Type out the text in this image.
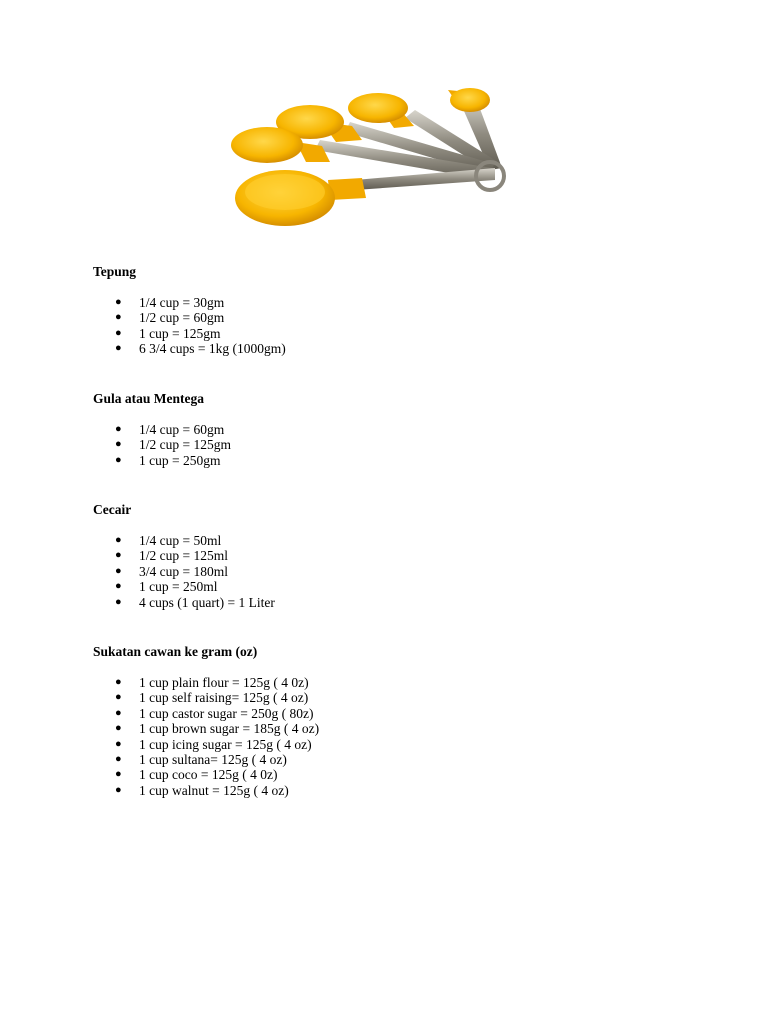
Tepung
● 1/4 cup = 30gm
● 1/2 cup = 60gm
● 1 cup = 125gm
● 6 3/4 cups = 1kg (1000gm)
Gula atau Mentega
● 1/4 cup = 60gm
● 1/2 cup = 125gm
● 1 cup = 250gm
Cecair
● 1/4 cup = 50ml
● 1/2 cup = 125ml
● 3/4 cup = 180ml
● 1 cup = 250ml
● 4 cups (1 quart) = 1 Liter
Sukatan cawan ke gram (oz)
● 1 cup plain flour = 125g ( 4 0z)
● 1 cup self raising= 125g ( 4 oz)
● 1 cup castor sugar = 250g ( 80z)
● 1 cup brown sugar = 185g ( 4 oz)
● 1 cup icing sugar = 125g ( 4 oz)
● 1 cup sultana= 125g ( 4 oz)
● 1 cup coco = 125g ( 4 0z)
● 1 cup walnut = 125g ( 4 oz)
